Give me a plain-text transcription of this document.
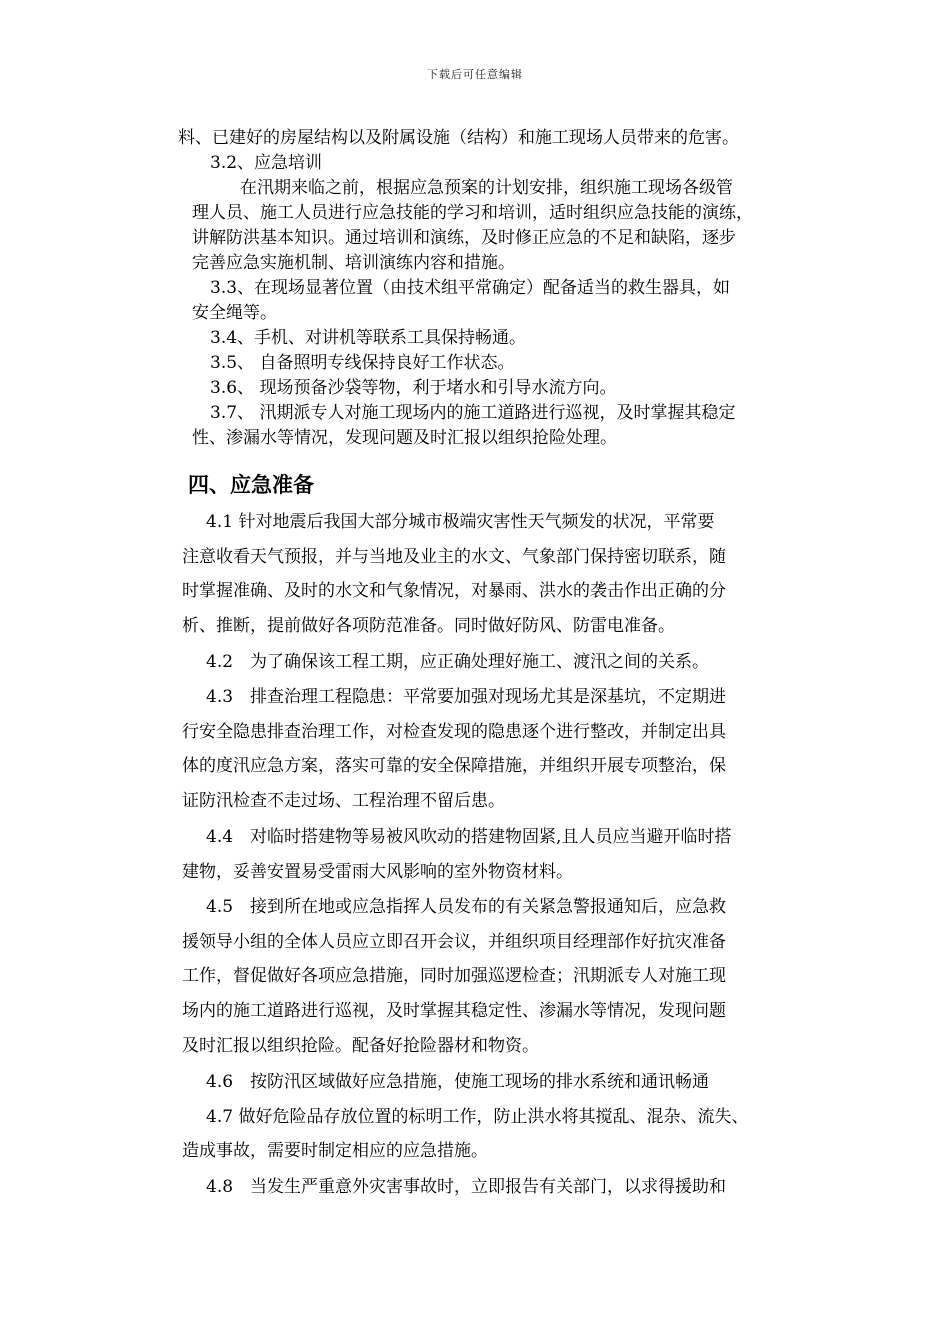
下载后可任意编辑
料、已建好的房屋结构以及附属设施（结构）和施工现场人员带来的危害。
3.2、应急培训
在汛期来临之前，根据应急预案的计划安排，组织施工现场各级管
理人员、施工人员进行应急技能的学习和培训，适时组织应急技能的演练，
讲解防洪基本知识。通过培训和演练，及时修正应急的不足和缺陷，逐步
完善应急实施机制、培训演练内容和措施。
3.3、在现场显著位置（由技术组平常确定）配备适当的救生器具，如
安全绳等。
3.4、手机、对讲机等联系工具保持畅通。
3.5、 自备照明专线保持良好工作状态。
3.6、 现场预备沙袋等物，利于堵水和引导水流方向。
3.7、 汛期派专人对施工现场内的施工道路进行巡视，及时掌握其稳定
性、渗漏水等情况，发现问题及时汇报以组织抢险处理。
四、应急准备
4.1 针对地震后我国大部分城市极端灾害性天气频发的状况，平常要
注意收看天气预报，并与当地及业主的水文、气象部门保持密切联系，随
时掌握准确、及时的水文和气象情况，对暴雨、洪水的袭击作出正确的分
析、推断，提前做好各项防范准备。同时做好防风、防雷电准备。
4.2　为了确保该工程工期，应正确处理好施工、渡汛之间的关系。
4.3　排查治理工程隐患：平常要加强对现场尤其是深基坑，不定期进
行安全隐患排查治理工作，对检查发现的隐患逐个进行整改，并制定出具
体的度汛应急方案，落实可靠的安全保障措施，并组织开展专项整治，保
证防汛检查不走过场、工程治理不留后患。
4.4　对临时搭建物等易被风吹动的搭建物固紧,且人员应当避开临时搭
建物，妥善安置易受雷雨大风影响的室外物资材料。
4.5　接到所在地或应急指挥人员发布的有关紧急警报通知后，应急救
援领导小组的全体人员应立即召开会议，并组织项目经理部作好抗灾准备
工作，督促做好各项应急措施，同时加强巡逻检查；汛期派专人对施工现
场内的施工道路进行巡视，及时掌握其稳定性、渗漏水等情况，发现问题
及时汇报以组织抢险。配备好抢险器材和物资。
4.6　按防汛区域做好应急措施，使施工现场的排水系统和通讯畅通
4.7 做好危险品存放位置的标明工作，防止洪水将其搅乱、混杂、流失、
造成事故，需要时制定相应的应急措施。
4.8　当发生严重意外灾害事故时，立即报告有关部门，以求得援助和
